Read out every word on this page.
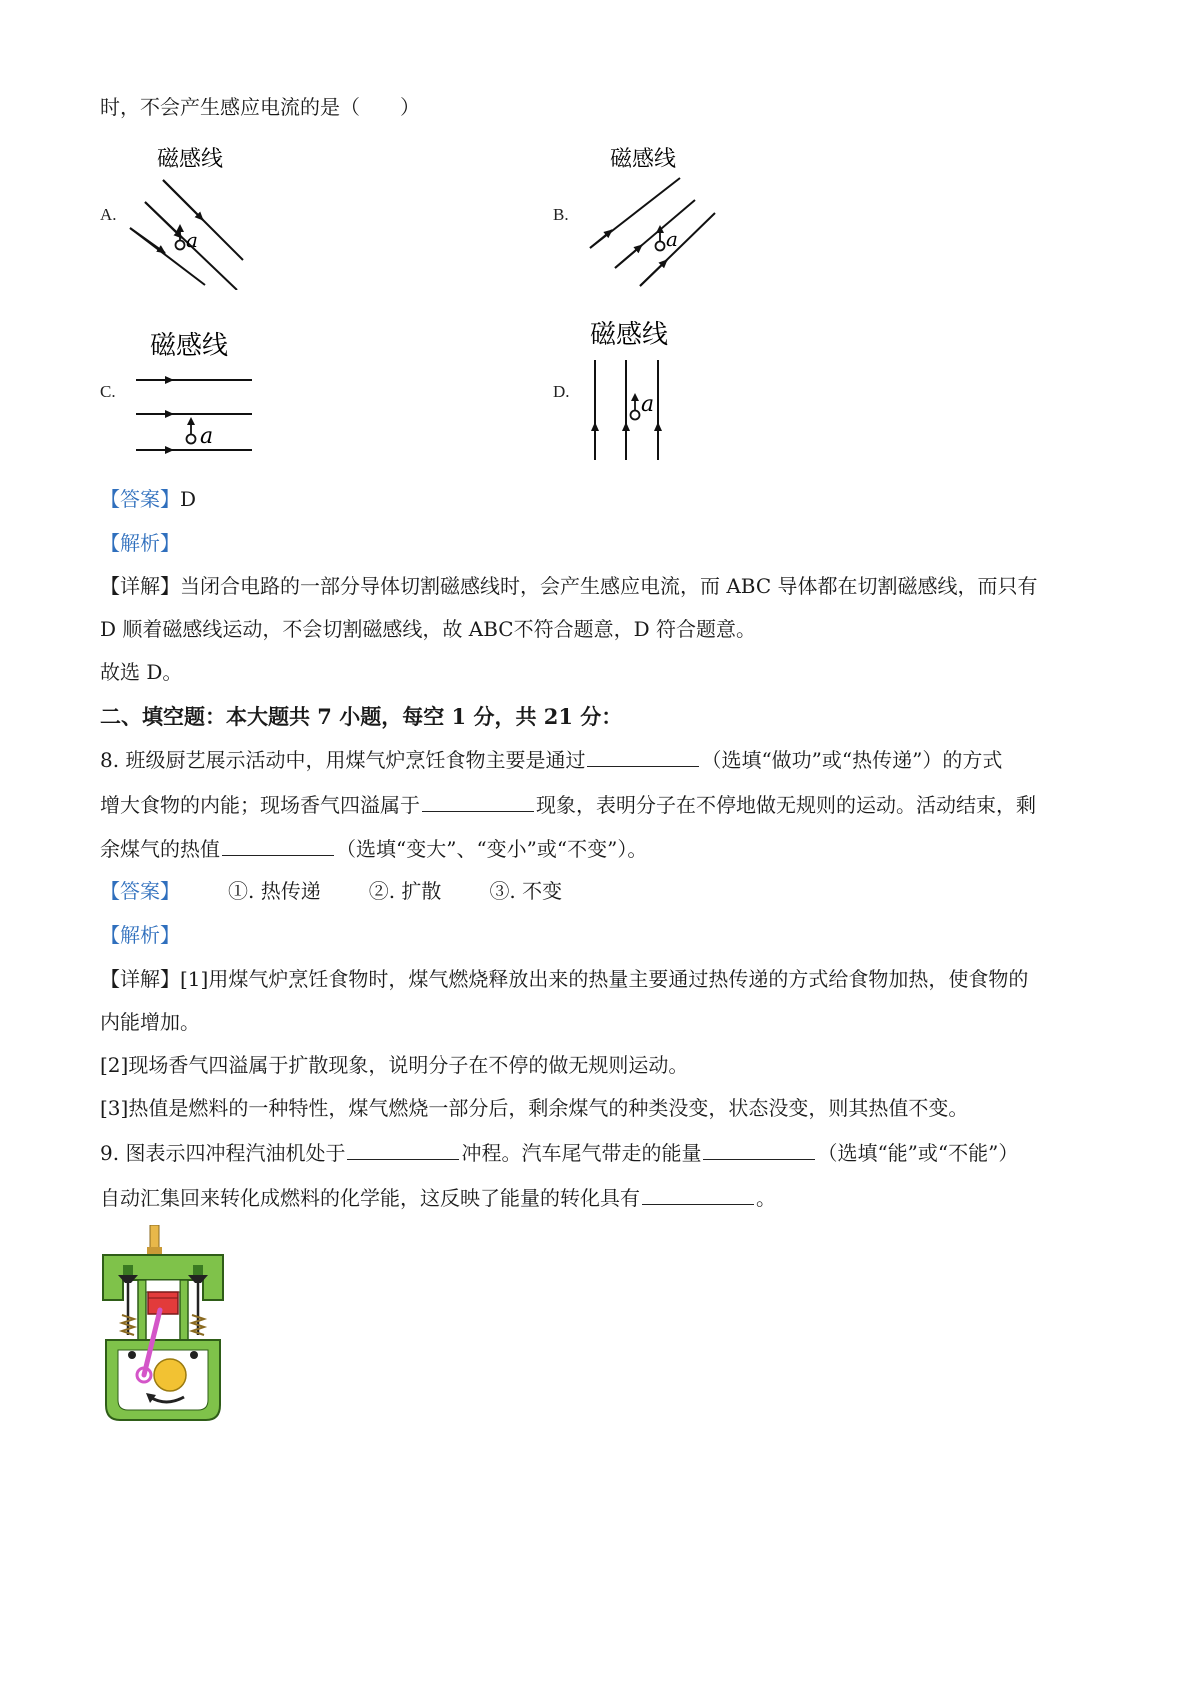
时，不会产生感应电流的是（　　）
A.
磁感线
a
B.
磁感线
a
C.
磁感线
a
D.
磁感线
a
【答案】D
【解析】
【详解】当闭合电路的一部分导体切割磁感线时，会产生感应电流，而 ABC 导体都在切割磁感线，而只有
D 顺着磁感线运动，不会切割磁感线，故 ABC不符合题意，D 符合题意。
故选 D。
二、填空题：本大题共 7 小题，每空 1 分，共 21 分：
8. 班级厨艺展示活动中，用煤气炉烹饪食物主要是通过	（选填“做功”或“热传递”）的方式
增大食物的内能；现场香气四溢属于	现象，表明分子在不停地做无规则的运动。活动结束，剩
余煤气的热值	（选填“变大”、“变小”或“不变”）。
【答案】 ①. 热传递 ②. 扩散 ③. 不变
【解析】
【详解】[1]用煤气炉烹饪食物时，煤气燃烧释放出来的热量主要通过热传递的方式给食物加热，使食物的
内能增加。
[2]现场香气四溢属于扩散现象，说明分子在不停的做无规则运动。
[3]热值是燃料的一种特性，煤气燃烧一部分后，剩余煤气的种类没变，状态没变，则其热值不变。
9. 图表示四冲程汽油机处于	冲程。汽车尾气带走的能量	（选填“能”或“不能”）
自动汇集回来转化成燃料的化学能，这反映了能量的转化具有	。
